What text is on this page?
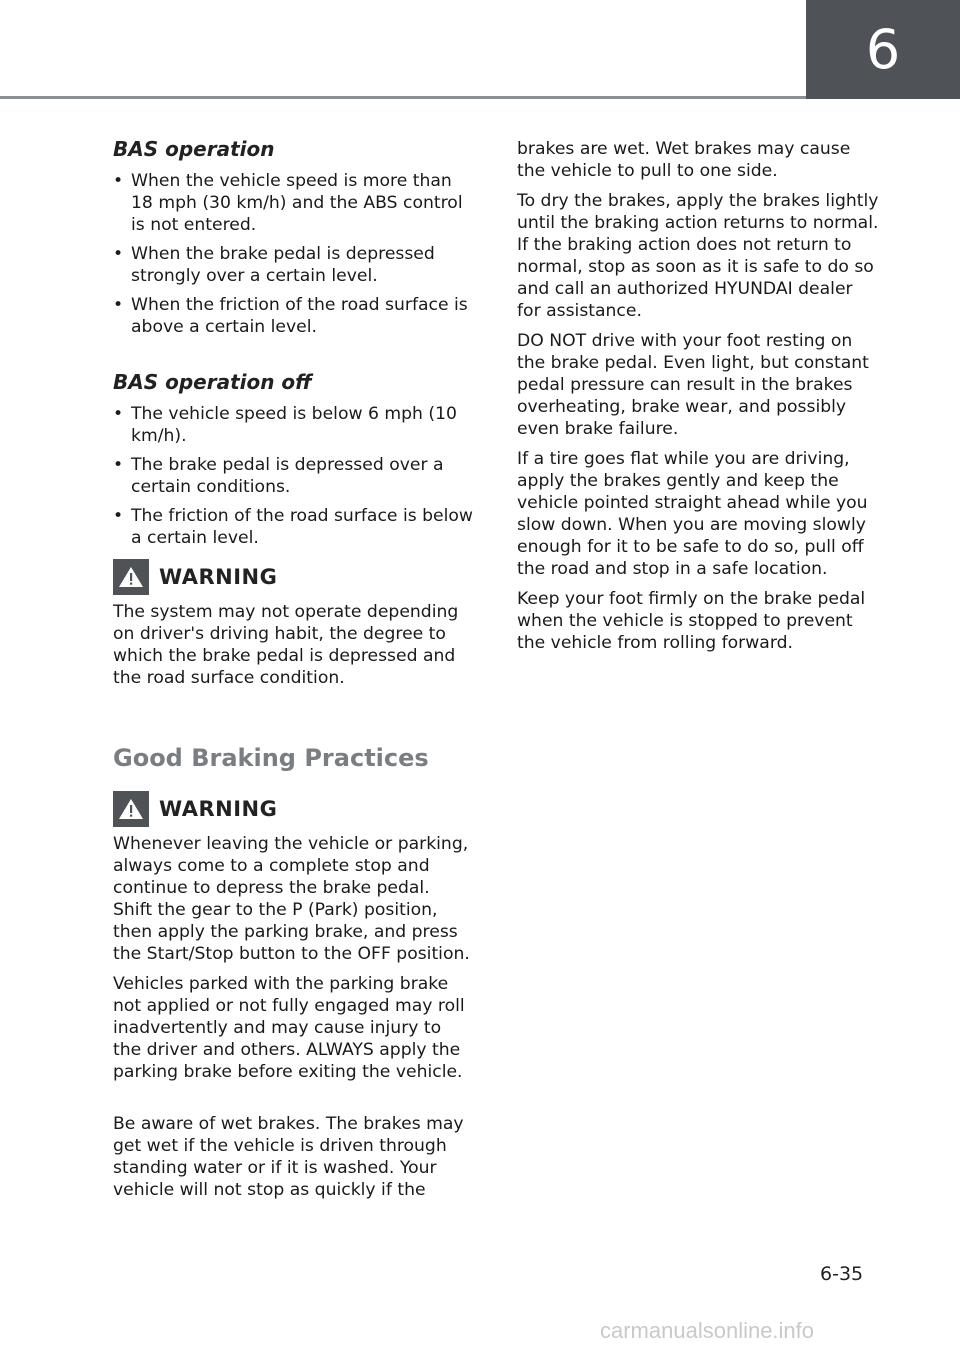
6
BAS operation
• When the vehicle speed is more than 18 mph (30 km/h) and the ABS control is not entered.
• When the brake pedal is depressed strongly over a certain level.
• When the friction of the road surface is above a certain level.
BAS operation off
• The vehicle speed is below 6 mph (10 km/h).
• The brake pedal is depressed over a certain conditions.
• The friction of the road surface is below a certain level.
WARNING

The system may not operate depending on driver's driving habit, the degree to which the brake pedal is depressed and the road surface condition.

Good Braking Practices
WARNING

Whenever leaving the vehicle or parking, always come to a complete stop and continue to depress the brake pedal. Shift the gear to the P (Park) position, then apply the parking brake, and press the Start/Stop button to the OFF position.

Vehicles parked with the parking brake not applied or not fully engaged may roll inadvertently and may cause injury to the driver and others. ALWAYS apply the parking brake before exiting the vehicle.

Be aware of wet brakes. The brakes may get wet if the vehicle is driven through standing water or if it is washed. Your vehicle will not stop as quickly if the

brakes are wet. Wet brakes may cause the vehicle to pull to one side.

To dry the brakes, apply the brakes lightly until the braking action returns to normal. If the braking action does not return to normal, stop as soon as it is safe to do so and call an authorized HYUNDAI dealer for assistance.

DO NOT drive with your foot resting on the brake pedal. Even light, but constant pedal pressure can result in the brakes overheating, brake wear, and possibly even brake failure.

If a tire goes flat while you are driving, apply the brakes gently and keep the vehicle pointed straight ahead while you slow down. When you are moving slowly enough for it to be safe to do so, pull off the road and stop in a safe location.

Keep your foot firmly on the brake pedal when the vehicle is stopped to prevent the vehicle from rolling forward.

6-35
carmanualsonline.info
